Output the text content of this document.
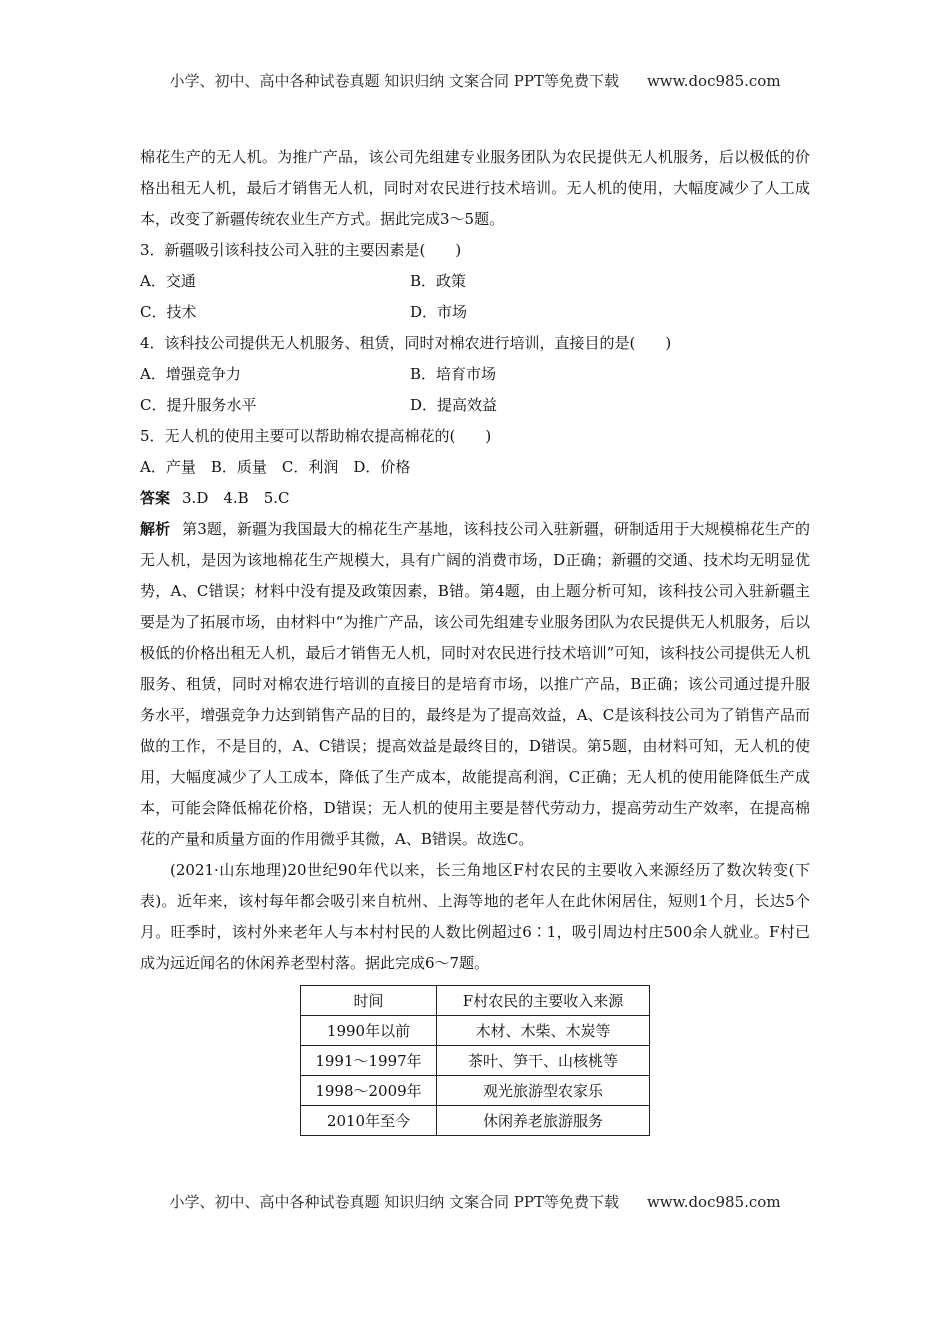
小学、初中、高中各种试卷真题 知识归纳 文案合同 PPT等免费下载 www.doc985.com

棉花生产的无人机。为推广产品，该公司先组建专业服务团队为农民提供无人机服务，后以极低的价格出租无人机，最后才销售无人机，同时对农民进行技术培训。无人机的使用，大幅度减少了人工成本，改变了新疆传统农业生产方式。据此完成3～5题。

3．新疆吸引该科技公司入驻的主要因素是(　　)

A．交通	B．政策
C．技术	D．市场

4．该科技公司提供无人机服务、租赁，同时对棉农进行培训，直接目的是(　　)

A．增强竞争力	B．培育市场
C．提升服务水平	D．提高效益

5．无人机的使用主要可以帮助棉农提高棉花的(　　)

A．产量　B．质量　C．利润　D．价格

答案 3.D　4.B　5.C

解析 第3题，新疆为我国最大的棉花生产基地，该科技公司入驻新疆，研制适用于大规模棉花生产的无人机，是因为该地棉花生产规模大，具有广阔的消费市场，D正确；新疆的交通、技术均无明显优势，A、C错误；材料中没有提及政策因素，B错。第4题，由上题分析可知，该科技公司入驻新疆主要是为了拓展市场，由材料中“为推广产品，该公司先组建专业服务团队为农民提供无人机服务，后以极低的价格出租无人机，最后才销售无人机，同时对农民进行技术培训”可知，该科技公司提供无人机服务、租赁，同时对棉农进行培训的直接目的是培育市场，以推广产品，B正确；该公司通过提升服务水平，增强竞争力达到销售产品的目的，最终是为了提高效益，A、C是该科技公司为了销售产品而做的工作，不是目的，A、C错误；提高效益是最终目的，D错误。第5题，由材料可知，无人机的使用，大幅度减少了人工成本，降低了生产成本，故能提高利润，C正确；无人机的使用能降低生产成本，可能会降低棉花价格，D错误；无人机的使用主要是替代劳动力，提高劳动生产效率，在提高棉花的产量和质量方面的作用微乎其微，A、B错误。故选C。

(2021·山东地理)20世纪90年代以来，长三角地区F村农民的主要收入来源经历了数次转变(下表)。近年来，该村每年都会吸引来自杭州、上海等地的老年人在此休闲居住，短则1个月，长达5个月。旺季时，该村外来老年人与本村村民的人数比例超过6∶1，吸引周边村庄500余人就业。F村已成为远近闻名的休闲养老型村落。据此完成6～7题。

时间	F村农民的主要收入来源
1990年以前	木材、木柴、木炭等
1991～1997年	茶叶、笋干、山核桃等
1998～2009年	观光旅游型农家乐
2010年至今	休闲养老旅游服务
小学、初中、高中各种试卷真题 知识归纳 文案合同 PPT等免费下载 www.doc985.com
